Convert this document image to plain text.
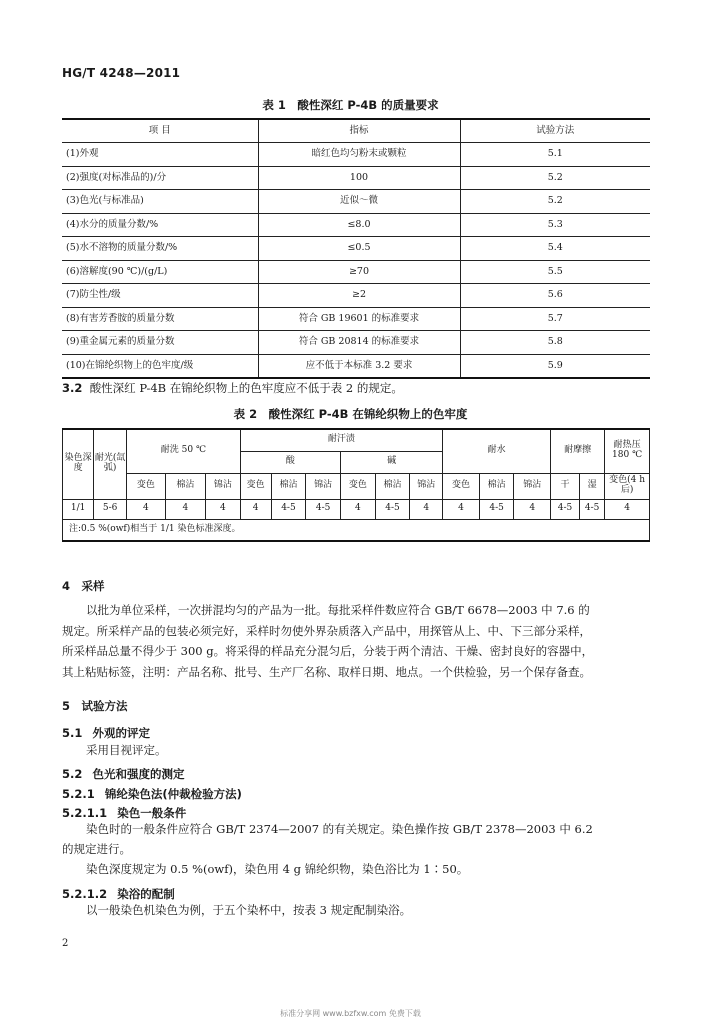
HG/T 4248—2011
表 1　酸性深红 P-4B 的质量要求
项 目	指标	试验方法
(1)外观	暗红色均匀粉末或颗粒	5.1
(2)强度(对标准品的)/分	100	5.2
(3)色光(与标准品)	近似～微	5.2
(4)水分的质量分数/%	≤8.0	5.3
(5)水不溶物的质量分数/%	≤0.5	5.4
(6)溶解度(90 ℃)/(g/L)	≥70	5.5
(7)防尘性/级	≥2	5.6
(8)有害芳香胺的质量分数	符合 GB 19601 的标准要求	5.7
(9)重金属元素的质量分数	符合 GB 20814 的标准要求	5.8
(10)在锦纶织物上的色牢度/级	应不低于本标准 3.2 要求	5.9
3.2 酸性深红 P-4B 在锦纶织物上的色牢度应不低于表 2 的规定。
表 2　酸性深红 P-4B 在锦纶织物上的色牢度
染色深度	耐光(氙弧)	耐洗 50 ℃			耐汗渍						耐水			耐摩擦		耐热压 180 ℃
					酸			碱								
		变色	棉沾	锦沾	变色	棉沾	锦沾	变色	棉沾	锦沾	变色	棉沾	锦沾	干	湿	变色(4 h 后)
1/1	5-6	4	4	4	4	4-5	4-5	4	4-5	4	4	4-5	4	4-5	4-5	4
注:0.5 %(owf)相当于 1/1 染色标准深度。																
4　采样
以批为单位采样，一次拼混均匀的产品为一批。每批采样件数应符合 GB/T 6678—2003 中 7.6 的
规定。所采样产品的包装必须完好，采样时勿使外界杂质落入产品中，用探管从上、中、下三部分采样，
所采样品总量不得少于 300 g。将采得的样品充分混匀后，分装于两个清洁、干燥、密封良好的容器中，
其上粘贴标签，注明：产品名称、批号、生产厂名称、取样日期、地点。一个供检验，另一个保存备查。
5　试验方法
5.1 外观的评定
采用目视评定。
5.2 色光和强度的测定
5.2.1 锦纶染色法(仲裁检验方法)
5.2.1.1 染色一般条件
染色时的一般条件应符合 GB/T 2374—2007 的有关规定。染色操作按 GB/T 2378—2003 中 6.2
的规定进行。
染色深度规定为 0.5 %(owf)，染色用 4 g 锦纶织物，染色浴比为 1∶50。
5.2.1.2 染浴的配制
以一般染色机染色为例，于五个染杯中，按表 3 规定配制染浴。
2
标准分享网 www.bzfxw.com 免费下载
